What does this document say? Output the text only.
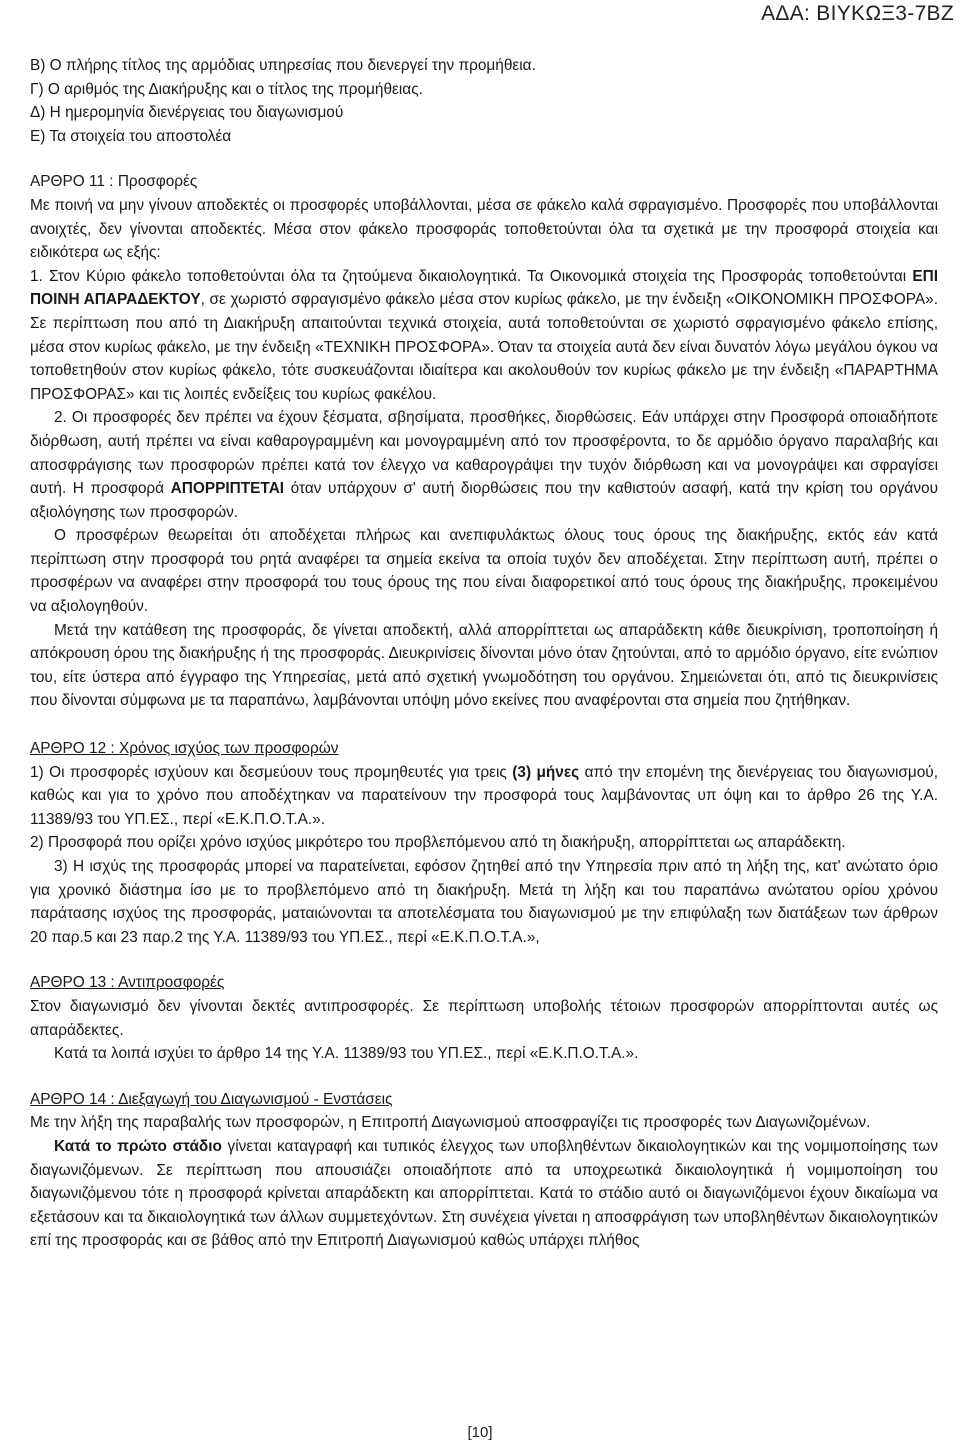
ΑΔΑ: ΒΙΥΚΩΞ3-7ΒΖ

Β) Ο πλήρης τίτλος της αρμόδιας υπηρεσίας που διενεργεί την προμήθεια.

Γ) Ο αριθμός της Διακήρυξης και ο τίτλος της προμήθειας.

Δ) Η ημερομηνία διενέργειας του διαγωνισμού

Ε) Τα στοιχεία του αποστολέα

ΑΡΘΡΟ 11 : Προσφορές

Με ποινή να μην γίνουν αποδεκτές οι προσφορές υποβάλλονται, μέσα σε φάκελο καλά σφραγισμένο. Προσφορές που υποβάλλονται ανοιχτές, δεν γίνονται αποδεκτές. Μέσα στον φάκελο προσφοράς τοποθετούνται όλα τα σχετικά με την προσφορά στοιχεία και ειδικότερα ως εξής:

1. Στον Κύριο φάκελο τοποθετούνται όλα τα ζητούμενα δικαιολογητικά. Τα Οικονομικά στοιχεία της Προσφοράς τοποθετούνται ΕΠΙ ΠΟΙΝΗ ΑΠΑΡΑΔΕΚΤΟΥ, σε χωριστό σφραγισμένο φάκελο μέσα στον κυρίως φάκελο, με την ένδειξη «ΟΙΚΟΝΟΜΙΚΗ ΠΡΟΣΦΟΡΑ». Σε περίπτωση που από τη Διακήρυξη απαιτούνται τεχνικά στοιχεία, αυτά τοποθετούνται σε χωριστό σφραγισμένο φάκελο επίσης, μέσα στον κυρίως φάκελο, με την ένδειξη «ΤΕΧΝΙΚΗ ΠΡΟΣΦΟΡΑ». Όταν τα στοιχεία αυτά δεν είναι δυνατόν λόγω μεγάλου όγκου να τοποθετηθούν στον κυρίως φάκελο, τότε συσκευάζονται ιδιαίτερα και ακολουθούν τον κυρίως φάκελο με την ένδειξη «ΠΑΡΑΡΤΗΜΑ ΠΡΟΣΦΟΡΑΣ» και τις λοιπές ενδείξεις του κυρίως φακέλου.

2. Οι προσφορές δεν πρέπει να έχουν ξέσματα, σβησίματα, προσθήκες, διορθώσεις. Εάν υπάρχει στην Προσφορά οποιαδήποτε διόρθωση, αυτή πρέπει να είναι καθαρογραμμένη και μονογραμμένη από τον προσφέροντα, το δε αρμόδιο όργανο παραλαβής και αποσφράγισης των προσφορών πρέπει κατά τον έλεγχο να καθαρογράψει την τυχόν διόρθωση και να μονογράψει και σφραγίσει αυτή. Η προσφορά ΑΠΟΡΡΙΠΤΕΤΑΙ όταν υπάρχουν σ' αυτή διορθώσεις που την καθιστούν ασαφή, κατά την κρίση του οργάνου αξιολόγησης των προσφορών.

Ο προσφέρων θεωρείται ότι αποδέχεται πλήρως και ανεπιφυλάκτως όλους τους όρους της διακήρυξης, εκτός εάν κατά περίπτωση στην προσφορά του ρητά αναφέρει τα σημεία εκείνα τα οποία τυχόν δεν αποδέχεται. Στην περίπτωση αυτή, πρέπει ο προσφέρων να αναφέρει στην προσφορά του τους όρους της που είναι διαφορετικοί από τους όρους της διακήρυξης, προκειμένου να αξιολογηθούν.

Μετά την κατάθεση της προσφοράς, δε γίνεται αποδεκτή, αλλά απορρίπτεται ως απαράδεκτη κάθε διευκρίνιση, τροποποίηση ή απόκρουση όρου της διακήρυξης ή της προσφοράς. Διευκρινίσεις δίνονται μόνο όταν ζητούνται, από το αρμόδιο όργανο, είτε ενώπιον του, είτε ύστερα από έγγραφο της Υπηρεσίας, μετά από σχετική γνωμοδότηση του οργάνου. Σημειώνεται ότι, από τις διευκρινίσεις που δίνονται σύμφωνα με τα παραπάνω, λαμβάνονται υπόψη μόνο εκείνες που αναφέρονται στα σημεία που ζητήθηκαν.

ΑΡΘΡΟ 12 : Χρόνος ισχύος των προσφορών

1) Οι προσφορές ισχύουν και δεσμεύουν τους προμηθευτές για τρεις (3) μήνες από την επομένη της διενέργειας του διαγωνισμού, καθώς και για το χρόνο που αποδέχτηκαν να παρατείνουν την προσφορά τους λαμβάνοντας υπ όψη και το άρθρο 26 της Υ.Α. 11389/93 του ΥΠ.ΕΣ., περί «Ε.Κ.Π.Ο.Τ.Α.».

2) Προσφορά που ορίζει χρόνο ισχύος μικρότερο του προβλεπόμενου από τη διακήρυξη, απορρίπτεται ως απαράδεκτη.

3) Η ισχύς της προσφοράς μπορεί να παρατείνεται, εφόσον ζητηθεί από την Υπηρεσία πριν από τη λήξη της, κατ' ανώτατο όριο για χρονικό διάστημα ίσο με το προβλεπόμενο από τη διακήρυξη. Μετά τη λήξη και του παραπάνω ανώτατου ορίου χρόνου παράτασης ισχύος της προσφοράς, ματαιώνονται τα αποτελέσματα του διαγωνισμού με την επιφύλαξη των διατάξεων των άρθρων 20 παρ.5 και 23 παρ.2 της Υ.Α. 11389/93 του ΥΠ.ΕΣ., περί «Ε.Κ.Π.Ο.Τ.Α.»,

ΑΡΘΡΟ 13 : Αντιπροσφορές

Στον διαγωνισμό δεν γίνονται δεκτές αντιπροσφορές. Σε περίπτωση υποβολής τέτοιων προσφορών απορρίπτονται αυτές ως απαράδεκτες.

Κατά τα λοιπά ισχύει το άρθρο 14 της Υ.Α. 11389/93 του ΥΠ.ΕΣ., περί «Ε.Κ.Π.Ο.Τ.Α.».

ΑΡΘΡΟ 14 : Διεξαγωγή του Διαγωνισμού - Ενστάσεις

Με την λήξη της παραβαλής των προσφορών, η Επιτροπή Διαγωνισμού αποσφραγίζει τις προσφορές των Διαγωνιζομένων.

Κατά το πρώτο στάδιο γίνεται καταγραφή και τυπικός έλεγχος των υποβληθέντων δικαιολογητικών και της νομιμοποίησης των διαγωνιζόμενων. Σε περίπτωση που απουσιάζει οποιαδήποτε από τα υποχρεωτικά δικαιολογητικά ή νομιμοποίηση του διαγωνιζόμενου τότε η προσφορά κρίνεται απαράδεκτη και απορρίπτεται. Κατά το στάδιο αυτό οι διαγωνιζόμενοι έχουν δικαίωμα να εξετάσουν και τα δικαιολογητικά των άλλων συμμετεχόντων. Στη συνέχεια γίνεται η αποσφράγιση των υποβληθέντων δικαιολογητικών επί της προσφοράς και σε βάθος από την Επιτροπή Διαγωνισμού καθώς υπάρχει πλήθος

[10]
